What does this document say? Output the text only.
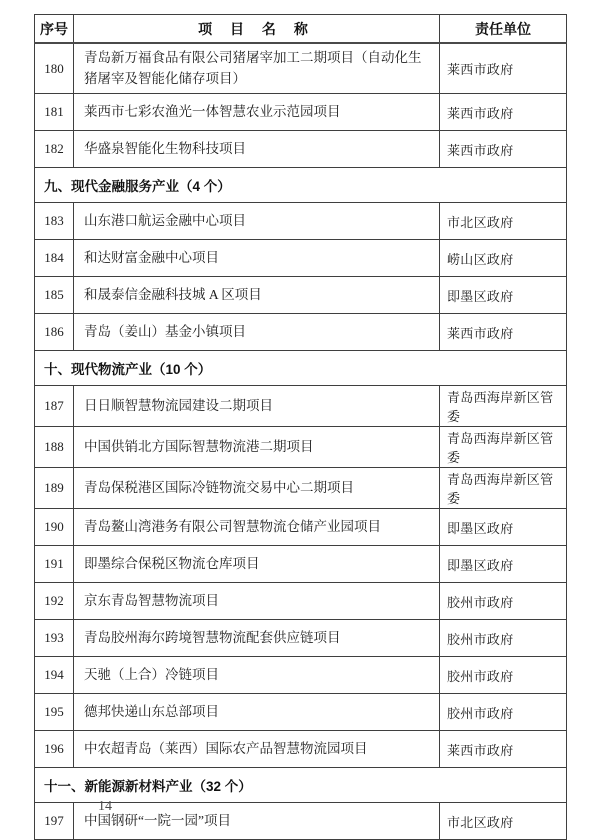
序号	项 目 名 称	责任单位
180	青岛新万福食品有限公司猪屠宰加工二期项目（自动化生猪屠宰及智能化储存项目）	莱西市政府
181	莱西市七彩农渔光一体智慧农业示范园项目	莱西市政府
182	华盛泉智能化生物科技项目	莱西市政府
九、现代金融服务产业（4 个）		
183	山东港口航运金融中心项目	市北区政府
184	和达财富金融中心项目	崂山区政府
185	和晟泰信金融科技城 A 区项目	即墨区政府
186	青岛（姜山）基金小镇项目	莱西市政府
十、现代物流产业（10 个）		
187	日日顺智慧物流园建设二期项目	青岛西海岸新区管委
188	中国供销北方国际智慧物流港二期项目	青岛西海岸新区管委
189	青岛保税港区国际冷链物流交易中心二期项目	青岛西海岸新区管委
190	青岛鳌山湾港务有限公司智慧物流仓储产业园项目	即墨区政府
191	即墨综合保税区物流仓库项目	即墨区政府
192	京东青岛智慧物流项目	胶州市政府
193	青岛胶州海尔跨境智慧物流配套供应链项目	胶州市政府
194	天驰（上合）冷链项目	胶州市政府
195	德邦快递山东总部项目	胶州市政府
196	中农超青岛（莱西）国际农产品智慧物流园项目	莱西市政府
十一、新能源新材料产业（32 个）		
197	中国钢研“一院一园”项目	市北区政府
14
